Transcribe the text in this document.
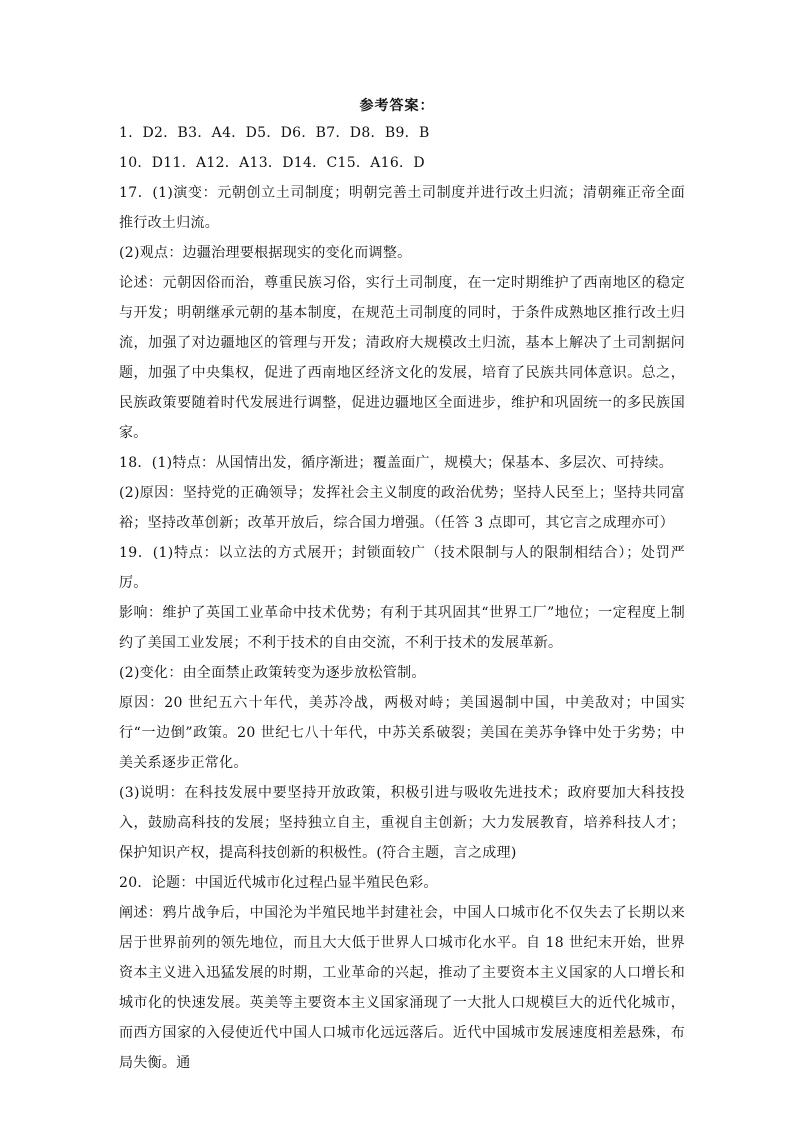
参考答案：
1．D2．B3．A4．D5．D6．B7．D8．B9．B
10．D11．A12．A13．D14．C15．A16．D
17．(1)演变：元朝创立土司制度；明朝完善土司制度并进行改土归流；清朝雍正帝全面推行改土归流。
(2)观点：边疆治理要根据现实的变化而调整。
论述：元朝因俗而治，尊重民族习俗，实行土司制度，在一定时期维护了西南地区的稳定与开发；明朝继承元朝的基本制度，在规范土司制度的同时，于条件成熟地区推行改土归流，加强了对边疆地区的管理与开发；清政府大规模改土归流，基本上解决了土司割据问题，加强了中央集权，促进了西南地区经济文化的发展，培育了民族共同体意识。总之，民族政策要随着时代发展进行调整，促进边疆地区全面进步，维护和巩固统一的多民族国家。
18．(1)特点：从国情出发，循序渐进；覆盖面广，规模大；保基本、多层次、可持续。
(2)原因：坚持党的正确领导；发挥社会主义制度的政治优势；坚持人民至上；坚持共同富裕；坚持改革创新；改革开放后，综合国力增强。（任答 3 点即可，其它言之成理亦可）
19．(1)特点：以立法的方式展开；封锁面较广（技术限制与人的限制相结合）；处罚严厉。
影响：维护了英国工业革命中技术优势；有利于其巩固其“世界工厂”地位；一定程度上制约了美国工业发展；不利于技术的自由交流，不利于技术的发展革新。
(2)变化：由全面禁止政策转变为逐步放松管制。
原因：20 世纪五六十年代，美苏冷战，两极对峙；美国遏制中国，中美敌对；中国实行“一边倒”政策。20 世纪七八十年代，中苏关系破裂；美国在美苏争锋中处于劣势；中美关系逐步正常化。
(3)说明：在科技发展中要坚持开放政策，积极引进与吸收先进技术；政府要加大科技投入，鼓励高科技的发展；坚持独立自主，重视自主创新；大力发展教育，培养科技人才；保护知识产权，提高科技创新的积极性。(符合主题，言之成理)
20．论题：中国近代城市化过程凸显半殖民色彩。
阐述：鸦片战争后，中国沦为半殖民地半封建社会，中国人口城市化不仅失去了长期以来居于世界前列的领先地位，而且大大低于世界人口城市化水平。自 18 世纪末开始，世界资本主义进入迅猛发展的时期，工业革命的兴起，推动了主要资本主义国家的人口增长和城市化的快速发展。英美等主要资本主义国家涌现了一大批人口规模巨大的近代化城市，而西方国家的入侵使近代中国人口城市化远远落后。近代中国城市发展速度相差悬殊，布局失衡。通
